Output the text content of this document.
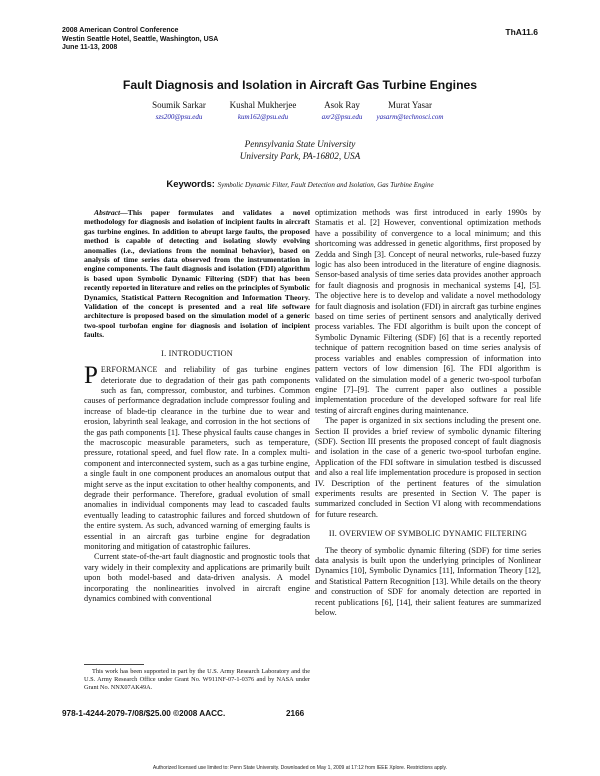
2008 American Control Conference
Westin Seattle Hotel, Seattle, Washington, USA
June 11-13, 2008
ThA11.6
Fault Diagnosis and Isolation in Aircraft Gas Turbine Engines
Soumik Sarkar
szs200@psu.edu
Kushal Mukherjee
kum162@psu.edu
Asok Ray
axr2@psu.edu
Murat Yasar
yasarm@technosci.com
Pennsylvania State University
University Park, PA-16802, USA
Keywords: Symbolic Dynamic Filter, Fault Detection and Isolation, Gas Turbine Engine

Abstract—This paper formulates and validates a novel methodology for diagnosis and isolation of incipient faults in aircraft gas turbine engines. In addition to abrupt large faults, the proposed method is capable of detecting and isolating slowly evolving anomalies (i.e., deviations from the nominal behavior), based on analysis of time series data observed from the instrumentation in engine components. The fault diagnosis and isolation (FDI) algorithm is based upon Symbolic Dynamic Filtering (SDF) that has been recently reported in literature and relies on the principles of Symbolic Dynamics, Statistical Pattern Recognition and Information Theory. Validation of the concept is presented and a real life software architecture is proposed based on the simulation model of a generic two-spool turbofan engine for diagnosis and isolation of incipient faults.

I. INTRODUCTION

PERFORMANCE and reliability of gas turbine engines deteriorate due to degradation of their gas path components such as fan, compressor, combustor, and turbines. Common causes of performance degradation include compressor fouling and increase of blade-tip clearance in the turbine due to wear and erosion, labyrinth seal leakage, and corrosion in the hot sections of the gas path components [1]. These physical faults cause changes in the macroscopic measurable parameters, such as temperature, pressure, rotational speed, and fuel flow rate. In a complex multi-component and interconnected system, such as a gas turbine engine, a single fault in one component produces an anomalous output that might serve as the input excitation to other healthy components, and degrade their performance. Therefore, gradual evolution of small anomalies in individual components may lead to cascaded faults eventually leading to catastrophic failures and forced shutdown of the entire system. As such, advanced warning of emerging faults is essential in an aircraft gas turbine engine for degradation monitoring and mitigation of catastrophic failures.

Current state-of-the-art fault diagnostic and prognostic tools that vary widely in their complexity and applications are primarily built upon both model-based and data-driven analysis. A model incorporating the nonlinearities involved in aircraft engine dynamics combined with conventional

optimization methods was first introduced in early 1990s by Stamatis et al. [2] However, conventional optimization methods have a possibility of convergence to a local minimum; and this shortcoming was addressed in genetic algorithms, first proposed by Zedda and Singh [3]. Concept of neural networks, rule-based fuzzy logic has also been introduced in the literature of engine diagnosis. Sensor-based analysis of time series data provides another approach for fault diagnosis and prognosis in mechanical systems [4], [5]. The objective here is to develop and validate a novel methodology for fault diagnosis and isolation (FDI) in aircraft gas turbine engines based on time series of pertinent sensors and analytically derived process variables. The FDI algorithm is built upon the concept of Symbolic Dynamic Filtering (SDF) [6] that is a recently reported technique of pattern recognition based on time series analysis of process variables and enables compression of information into pattern vectors of low dimension [6]. The FDI algorithm is validated on the simulation model of a generic two-spool turbofan engine [7]–[9]. The current paper also outlines a possible implementation procedure of the developed software for real life testing of aircraft engines during maintenance.

The paper is organized in six sections including the present one. Section II provides a brief review of symbolic dynamic filtering (SDF). Section III presents the proposed concept of fault diagnosis and isolation in the case of a generic two-spool turbofan engine. Application of the FDI software in simulation testbed is discussed and also a real life implementation procedure is proposed in section IV. Description of the pertinent features of the simulation experiments results are presented in Section V. The paper is summarized concluded in Section VI along with recommendations for future research.

II. OVERVIEW OF SYMBOLIC DYNAMIC FILTERING

The theory of symbolic dynamic filtering (SDF) for time series data analysis is built upon the underlying principles of Nonlinear Dynamics [10], Symbolic Dynamics [11], Information Theory [12], and Statistical Pattern Recognition [13]. While details on the theory and construction of SDF for anomaly detection are reported in recent publications [6], [14], their salient features are summarized below.

This work has been supported in part by the U.S. Army Research Laboratory and the U.S. Army Research Office under Grant No. W911NF-07-1-0376 and by NASA under Grant No. NNX07AK49A.
978-1-4244-2079-7/08/$25.00 ©2008 AACC.	2166
Authorized licensed use limited to: Penn State University. Downloaded on May 1, 2009 at 17:12 from IEEE Xplore. Restrictions apply.
